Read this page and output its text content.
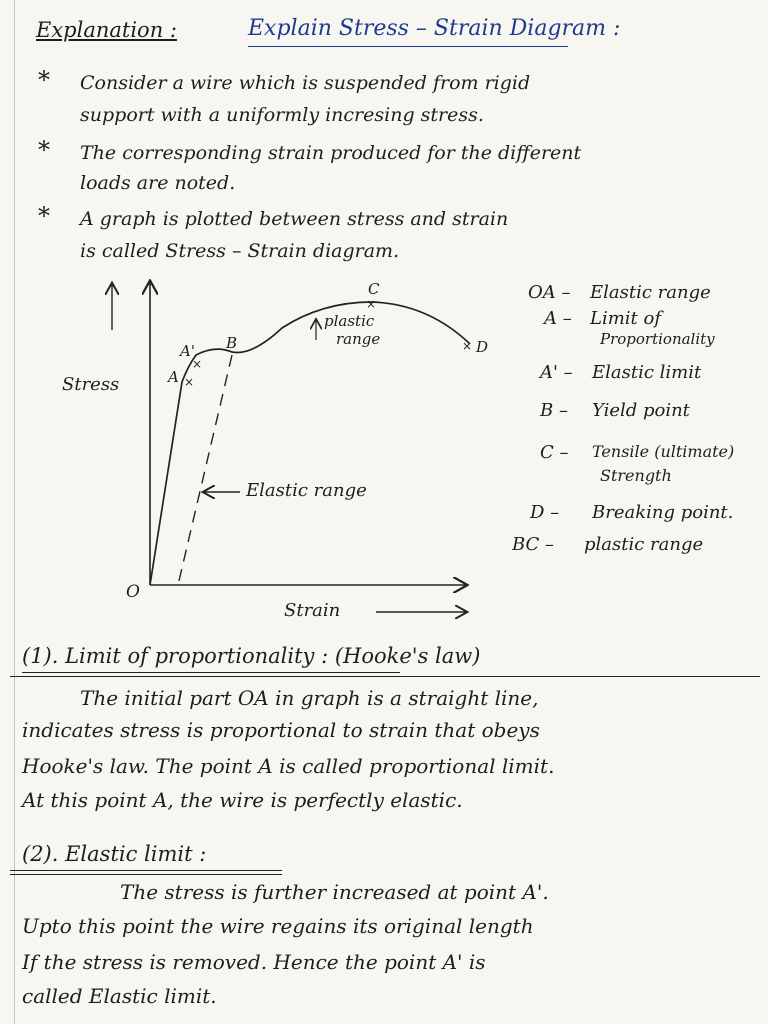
Explanation :	Explain Stress – Strain Diagram :
* Consider a wire which is suspended from rigid
support with a uniformly incresing stress.
* The corresponding strain produced for the different
loads are noted.
* A graph is plotted between stress and strain
is called Stress – Strain diagram.
×
×
×
×
A
A' B
C
D
O
Stress
Strain
plastic
range
Elastic range
OA – Elastic range
A – Limit of
Proportionality
A' – Elastic limit
B – Yield point
C – Tensile (ultimate)
Strength
D – Breaking point.
BC – plastic range
(1). Limit of proportionality : (Hooke's law)
The initial part OA in graph is a straight line,
indicates stress is proportional to strain that obeys
Hooke's law. The point A is called proportional limit.
At this point A, the wire is perfectly elastic.
(2). Elastic limit :
The stress is further increased at point A'.
Upto this point the wire regains its original length
If the stress is removed. Hence the point A' is
called Elastic limit.
